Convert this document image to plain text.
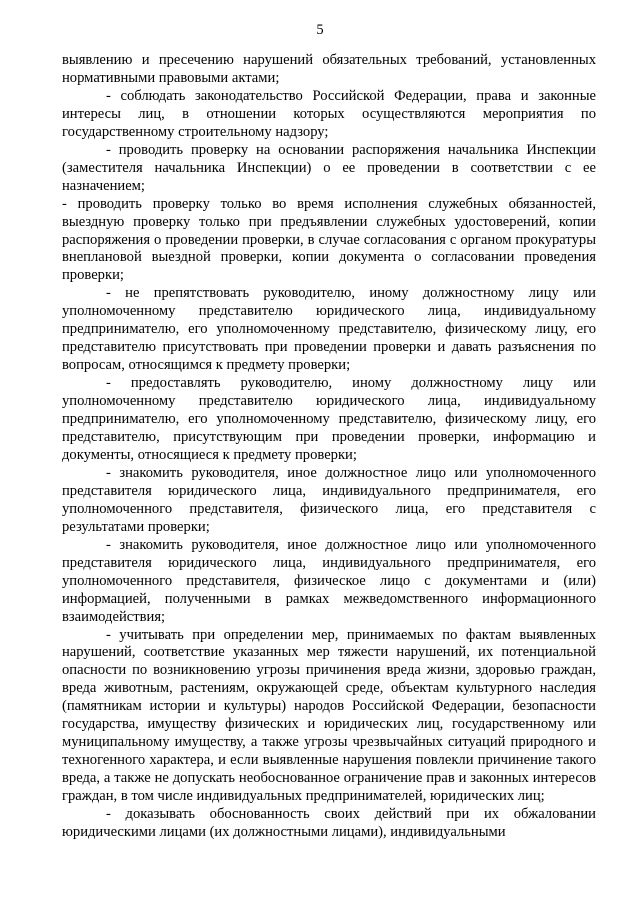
5

выявлению и пресечению нарушений обязательных требований, установленных нормативными правовыми актами;

- соблюдать законодательство Российской Федерации, права и законные интересы лиц, в отношении которых осуществляются мероприятия по государственному строительному надзору;

- проводить проверку на основании распоряжения начальника Инспекции (заместителя начальника Инспекции) о ее проведении в соответствии с ее назначением;

- проводить проверку только во время исполнения служебных обязанностей, выездную проверку только при предъявлении служебных удостоверений, копии распоряжения о проведении проверки, в случае согласования с органом прокуратуры внеплановой выездной проверки, копии документа о согласовании проведения проверки;

- не препятствовать руководителю, иному должностному лицу или уполномоченному представителю юридического лица, индивидуальному предпринимателю, его уполномоченному представителю, физическому лицу, его представителю присутствовать при проведении проверки и давать разъяснения по вопросам, относящимся к предмету проверки;

- предоставлять руководителю, иному должностному лицу или уполномоченному представителю юридического лица, индивидуальному предпринимателю, его уполномоченному представителю, физическому лицу, его представителю, присутствующим при проведении проверки, информацию и документы, относящиеся к предмету проверки;

- знакомить руководителя, иное должностное лицо или уполномоченного представителя юридического лица, индивидуального предпринимателя, его уполномоченного представителя, физического лица, его представителя с результатами проверки;

- знакомить руководителя, иное должностное лицо или уполномоченного представителя юридического лица, индивидуального предпринимателя, его уполномоченного представителя, физическое лицо с документами и (или) информацией, полученными в рамках межведомственного информационного взаимодействия;

- учитывать при определении мер, принимаемых по фактам выявленных нарушений, соответствие указанных мер тяжести нарушений, их потенциальной опасности по возникновению угрозы причинения вреда жизни, здоровью граждан, вреда животным, растениям, окружающей среде, объектам культурного наследия (памятникам истории и культуры) народов Российской Федерации, безопасности государства, имуществу физических и юридических лиц, государственному или муниципальному имуществу, а также угрозы чрезвычайных ситуаций природного и техногенного характера, и если выявленные нарушения повлекли причинение такого вреда, а также не допускать необоснованное ограничение прав и законных интересов граждан, в том числе индивидуальных предпринимателей, юридических лиц;

- доказывать обоснованность своих действий при их обжаловании юридическими лицами (их должностными лицами), индивидуальными
